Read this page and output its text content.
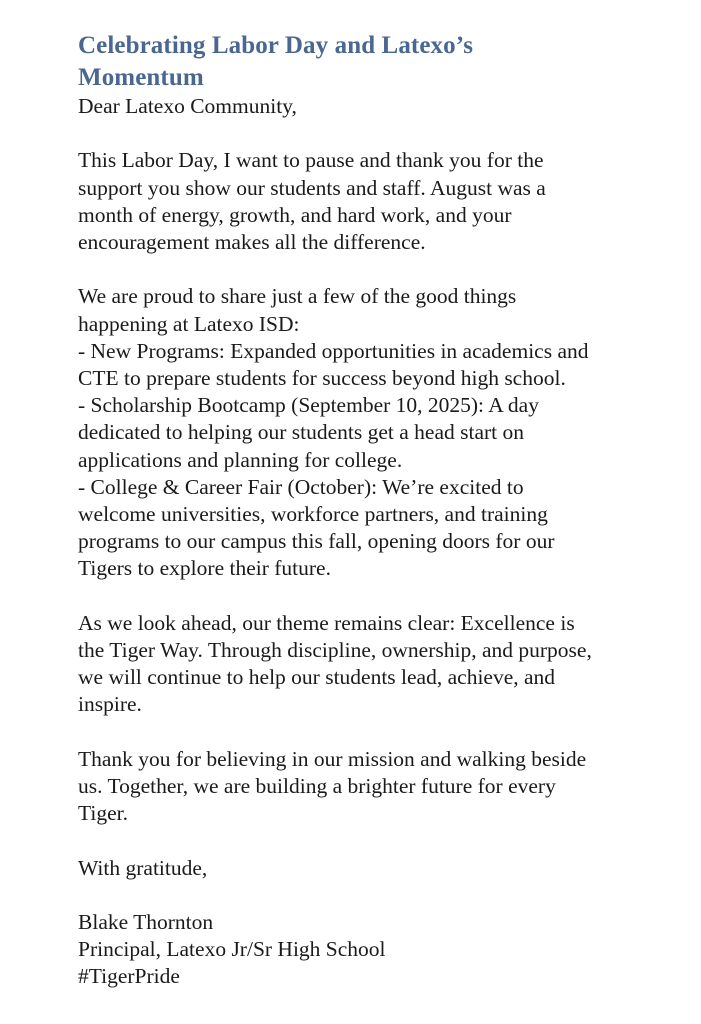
Celebrating Labor Day and Latexo’s
Momentum

Dear Latexo Community,

This Labor Day, I want to pause and thank you for the
support you show our students and staff. August was a
month of energy, growth, and hard work, and your
encouragement makes all the difference.

We are proud to share just a few of the good things
happening at Latexo ISD:
- New Programs: Expanded opportunities in academics and
CTE to prepare students for success beyond high school.
- Scholarship Bootcamp (September 10, 2025): A day
dedicated to helping our students get a head start on
applications and planning for college.
- College & Career Fair (October): We’re excited to
welcome universities, workforce partners, and training
programs to our campus this fall, opening doors for our
Tigers to explore their future.

As we look ahead, our theme remains clear: Excellence is
the Tiger Way. Through discipline, ownership, and purpose,
we will continue to help our students lead, achieve, and
inspire.

Thank you for believing in our mission and walking beside
us. Together, we are building a brighter future for every
Tiger.

With gratitude,

Blake Thornton
Principal, Latexo Jr/Sr High School
#TigerPride
